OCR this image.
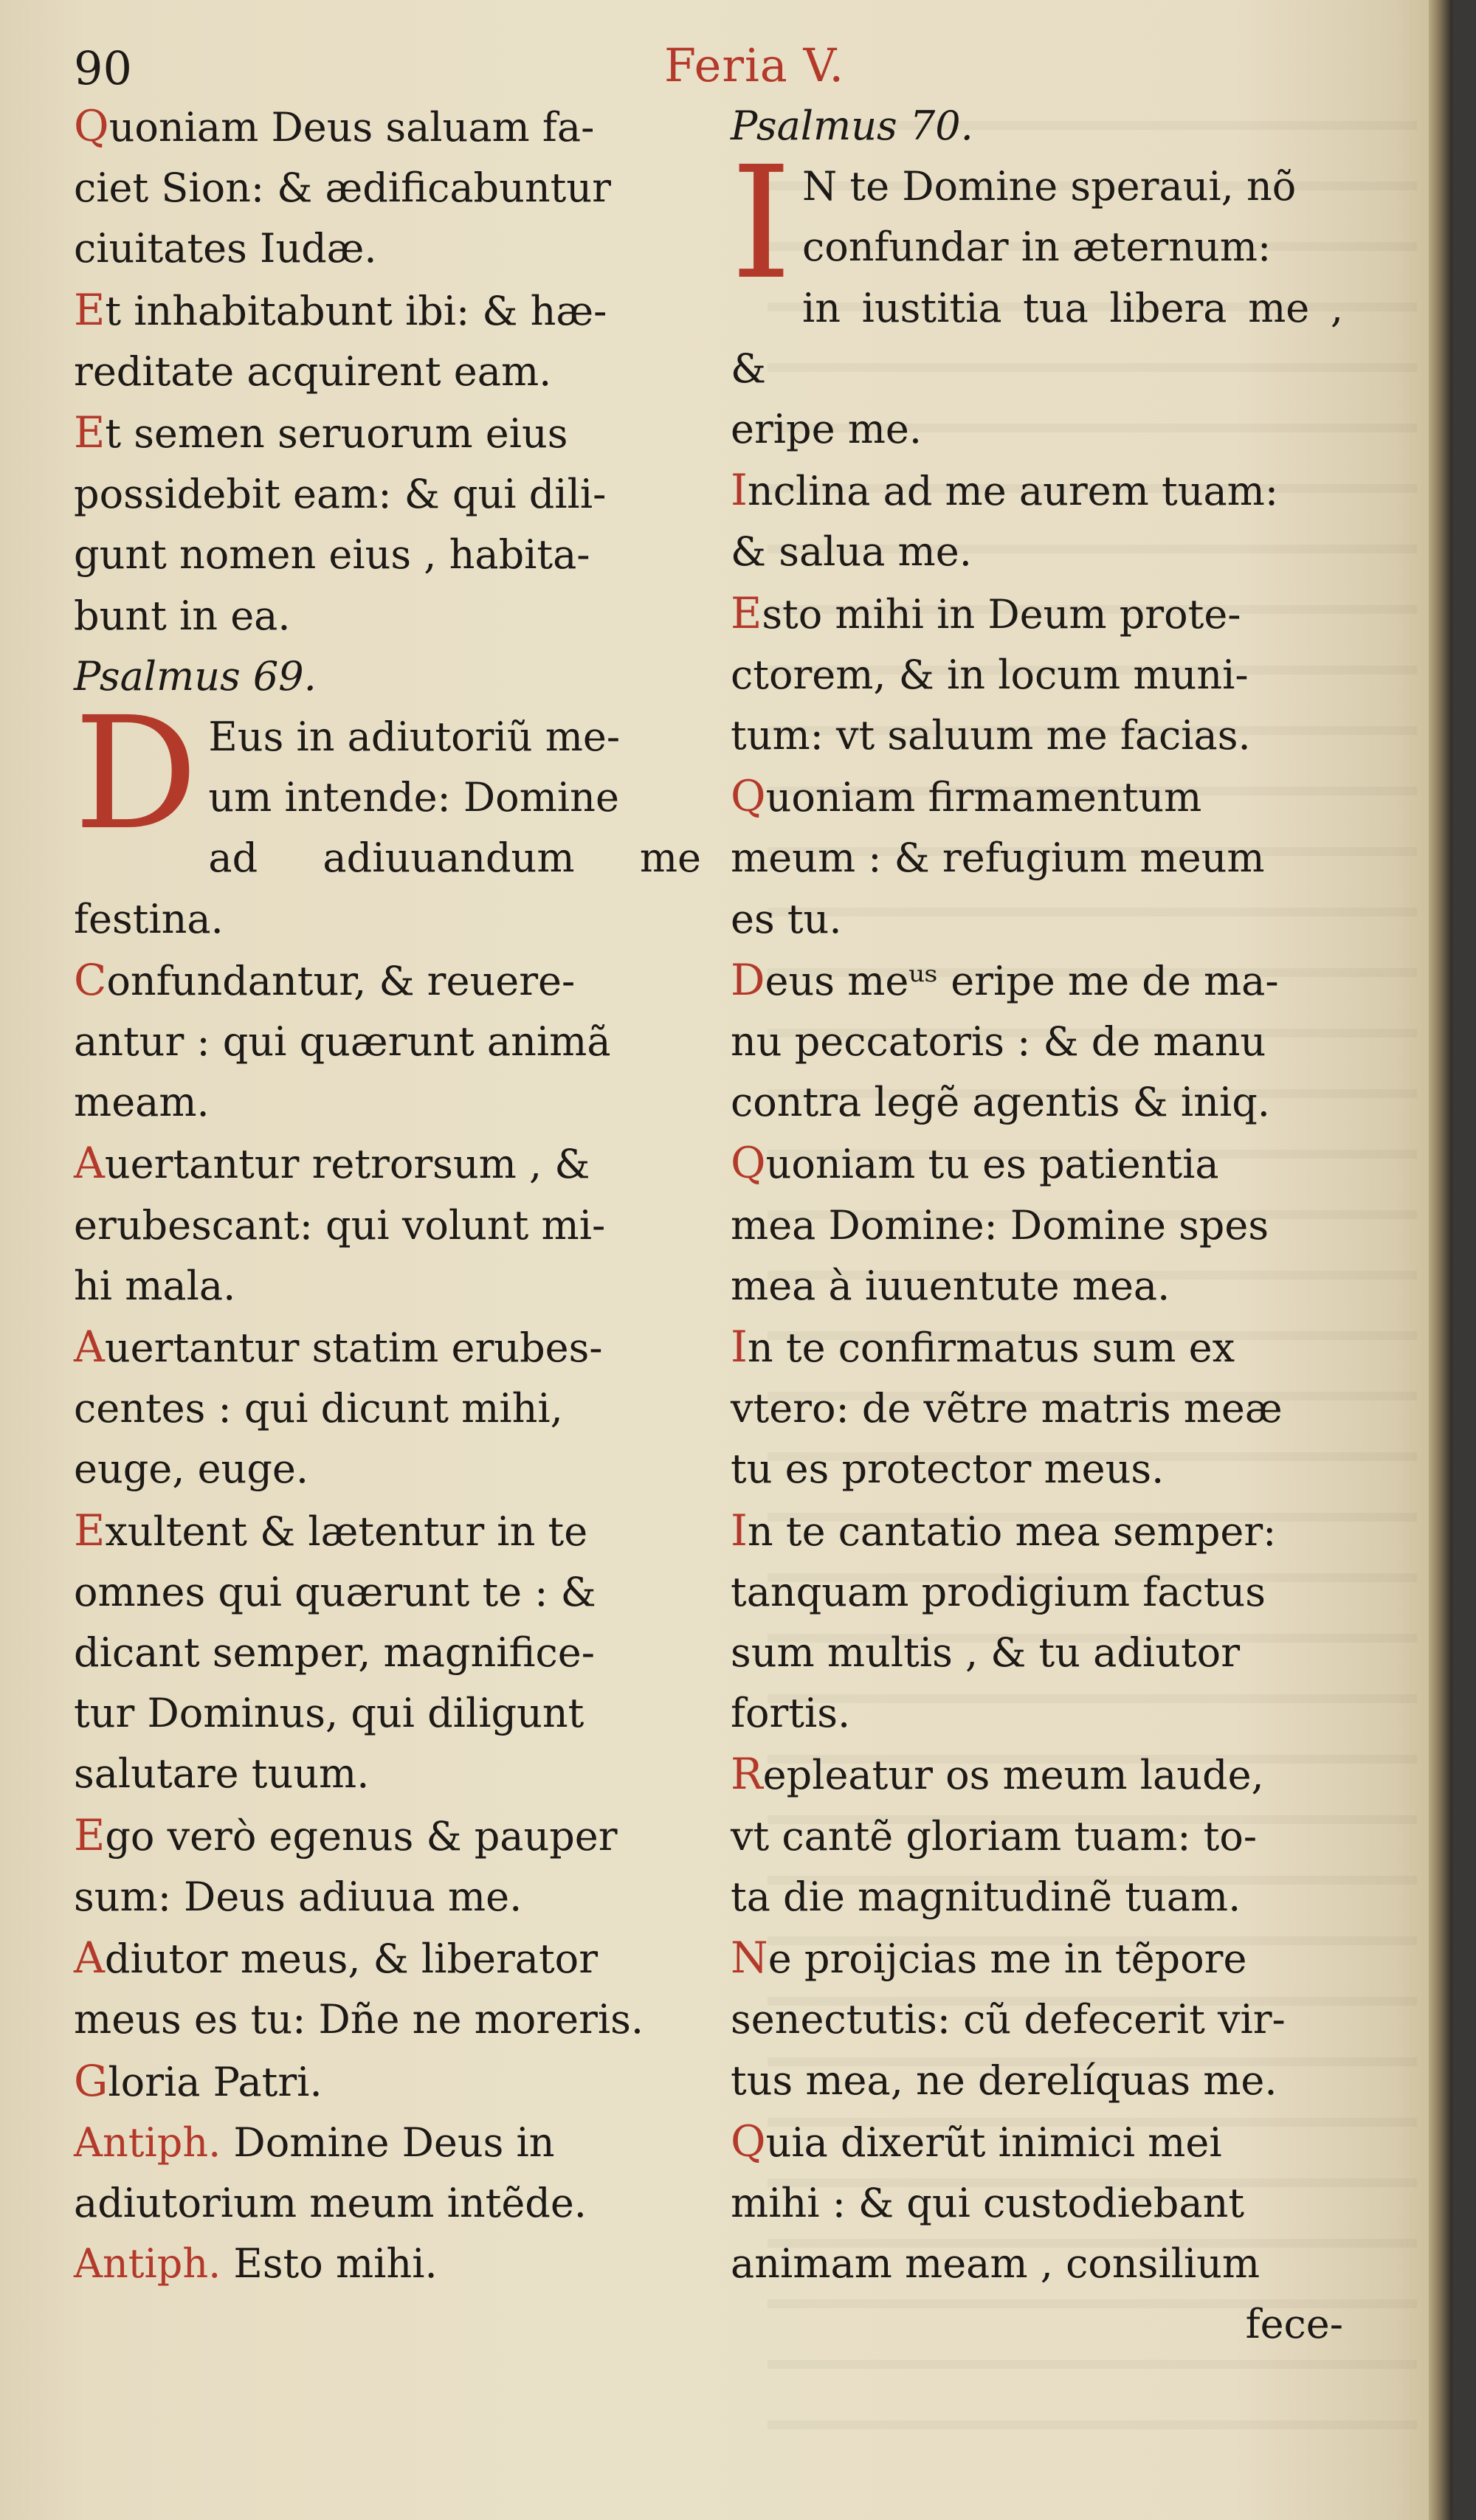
90	Feria V.

Quoniam Deus saluam fa-

ciet Sion: & ædificabuntur

ciuitates Iudæ.

Et inhabitabunt ibi: & hæ-

reditate acquirent eam.

Et semen seruorum eius

possidebit eam: & qui dili-

gunt nomen eius , habita-

bunt in ea.

Psalmus 69.

D Eus in adiutoriũ me-

um intende: Domine

ad adiuuandum me festina.

Confundantur, & reuere-

antur : qui quærunt animã

meam.

Auertantur retrorsum , &

erubescant: qui volunt mi-

hi mala.

Auertantur statim erubes-

centes : qui dicunt mihi,

euge, euge.

Exultent & lætentur in te

omnes qui quærunt te : &

dicant semper, magnifice-

tur Dominus, qui diligunt

salutare tuum.

Ego verò egenus & pauper

sum: Deus adiuua me.

Adiutor meus, & liberator

meus es tu: Dñe ne moreris.

Gloria Patri.

Antiph. Domine Deus in

adiutorium meum intẽde.

Antiph. Esto mihi.

Psalmus 70.

I N te Domine speraui, nõ

confundar in æternum:

in iustitia tua libera me , &

eripe me.

Inclina ad me aurem tuam:

& salua me.

Esto mihi in Deum prote-

ctorem, & in locum muni-

tum: vt saluum me facias.

Quoniam firmamentum

meum : & refugium meum

es tu.

Deus meᵘˢ eripe me de ma-

nu peccatoris : & de manu

contra legẽ agentis & iniq.

Quoniam tu es patientia

mea Domine: Domine spes

mea à iuuentute mea.

In te confirmatus sum ex

vtero: de vẽtre matris meæ

tu es protector meus.

In te cantatio mea semper:

tanquam prodigium factus

sum multis , & tu adiutor

fortis.

Repleatur os meum laude,

vt cantẽ gloriam tuam: to-

ta die magnitudinẽ tuam.

Ne proijcias me in tẽpore

senectutis: cũ defecerit vir-

tus mea, ne derelíquas me.

Quia dixerũt inimici mei

mihi : & qui custodiebant

animam meam , consilium

fece-
